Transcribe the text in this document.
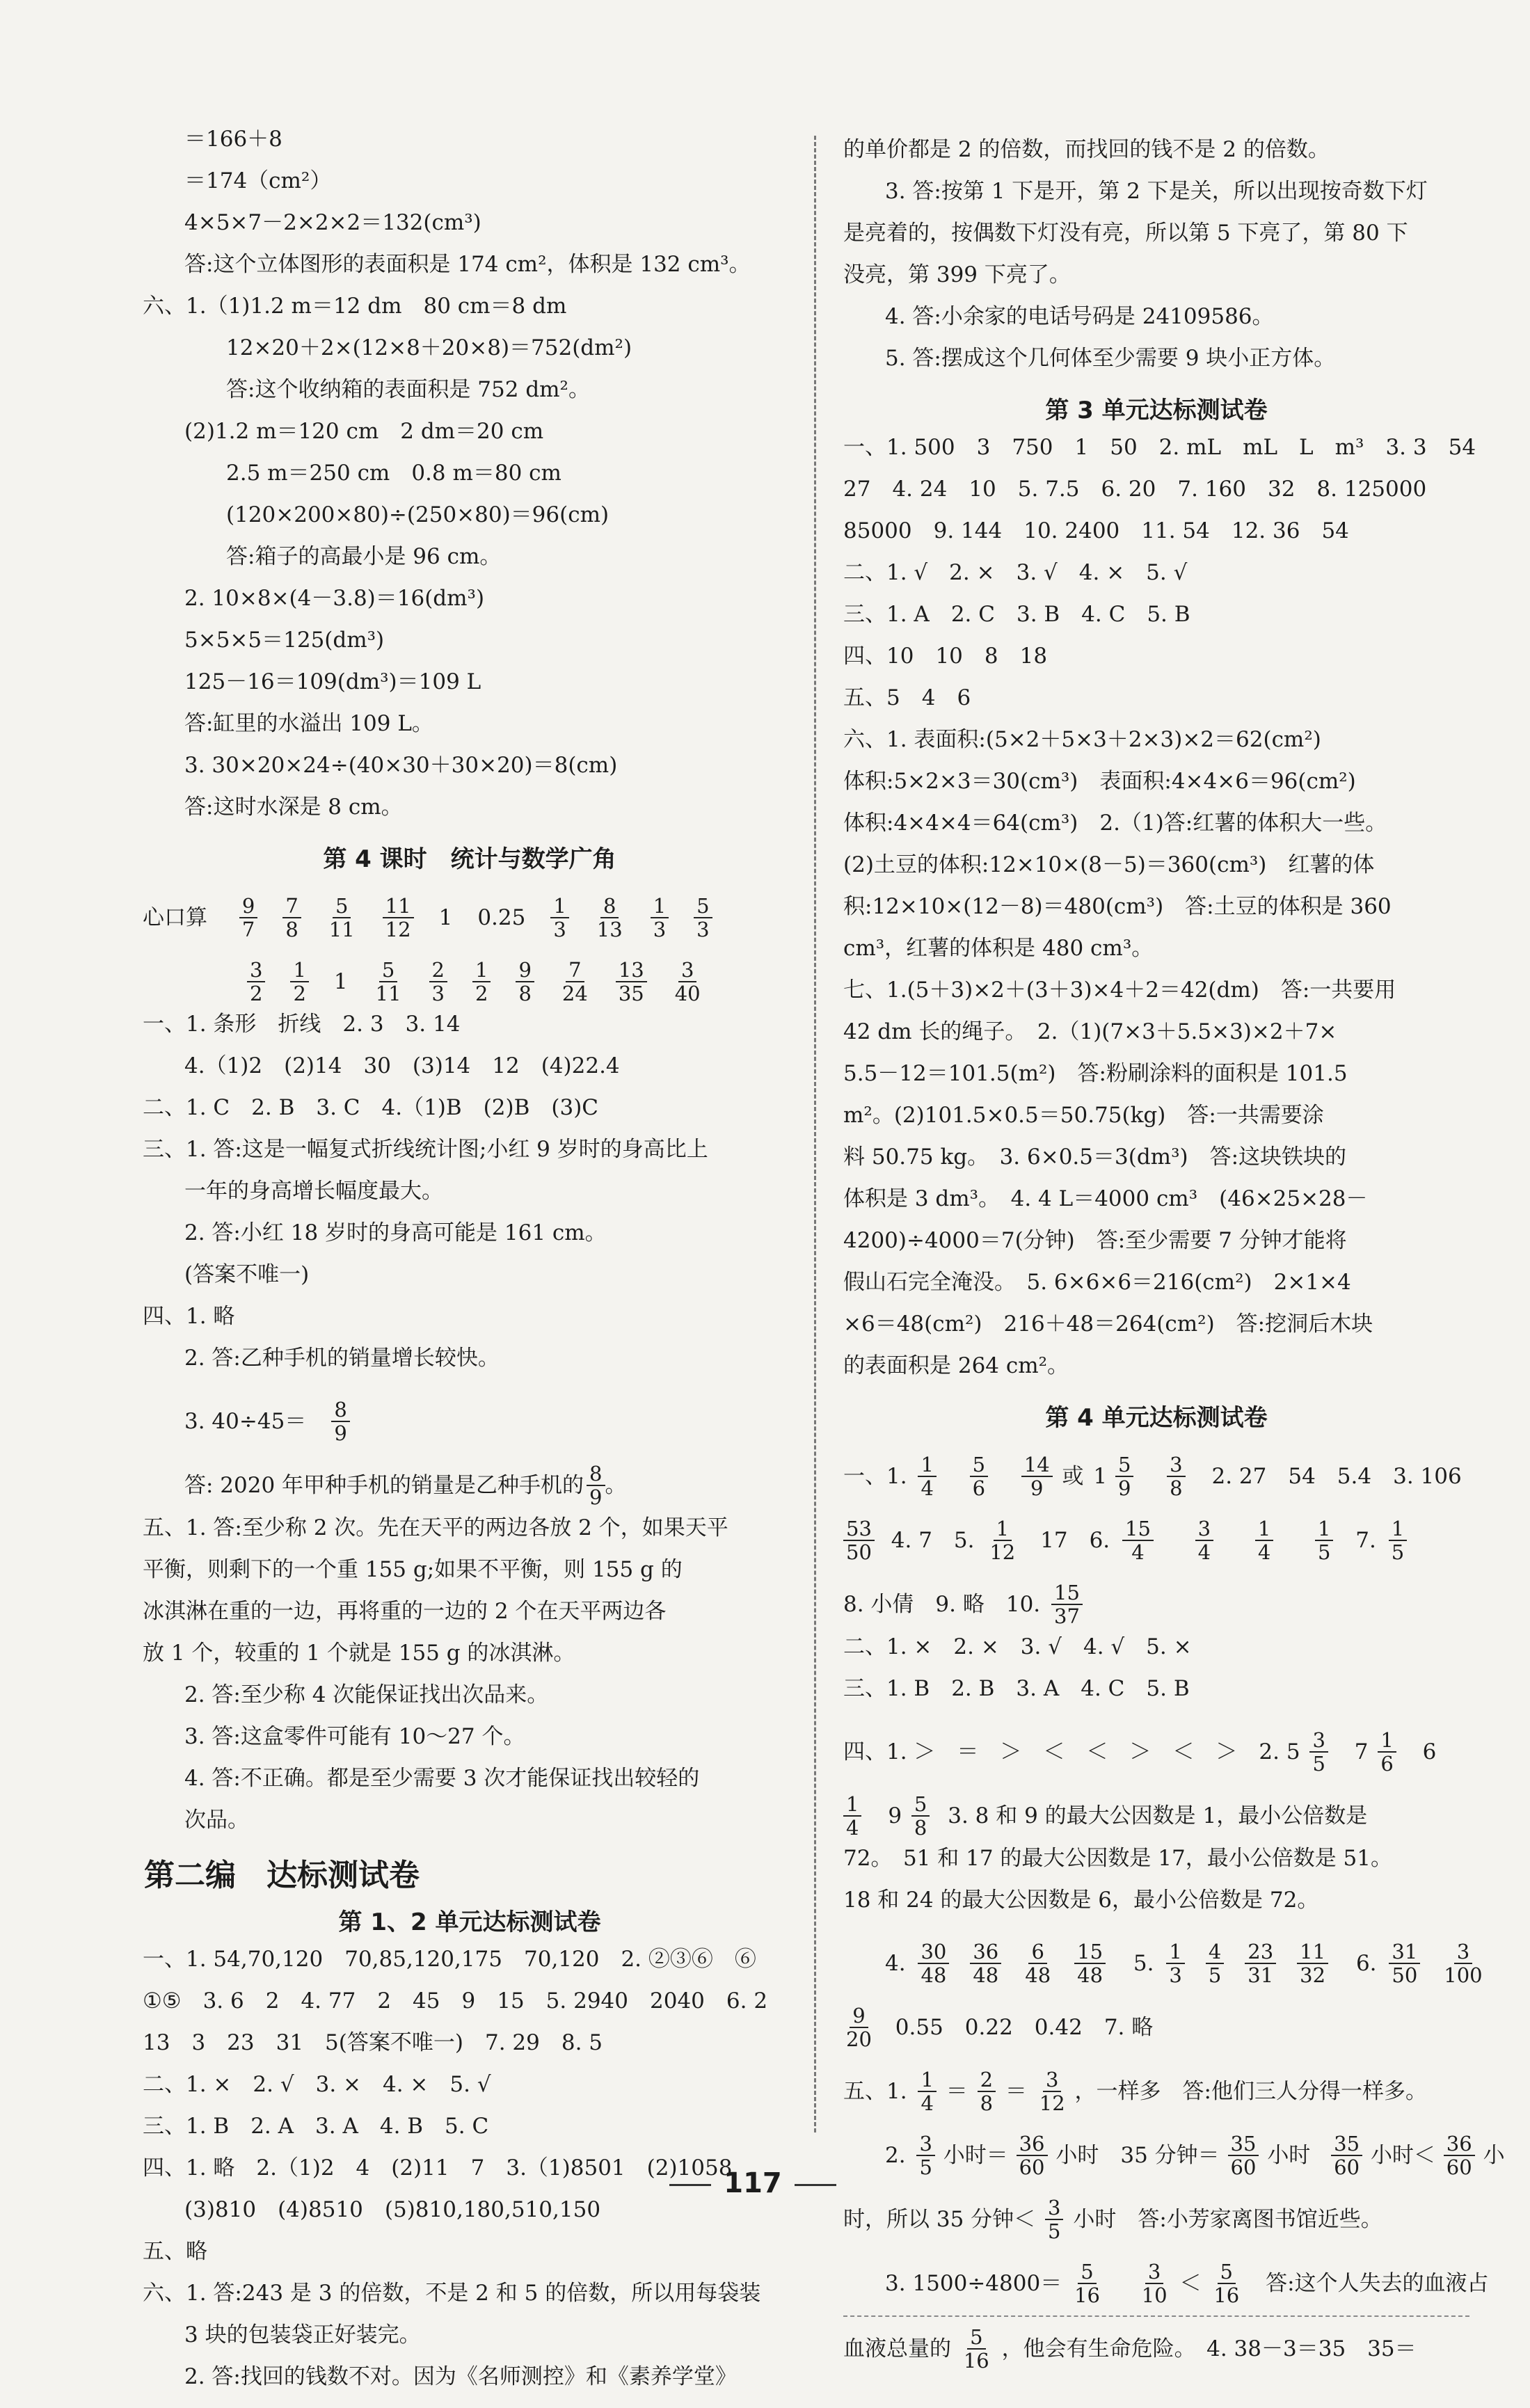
＝166＋8
＝174（cm²）
4×5×7－2×2×2＝132(cm³)
答:这个立体图形的表面积是 174 cm²，体积是 132 cm³。
六、1.（1)1.2 m＝12 dm　80 cm＝8 dm
12×20＋2×(12×8＋20×8)＝752(dm²)
答:这个收纳箱的表面积是 752 dm²。
(2)1.2 m＝120 cm　2 dm＝20 cm
2.5 m＝250 cm　0.8 m＝80 cm
(120×200×80)÷(250×80)＝96(cm)
答:箱子的高最小是 96 cm。
2. 10×8×(4－3.8)＝16(dm³)
5×5×5＝125(dm³)
125－16＝109(dm³)＝109 L
答:缸里的水溢出 109 L。
3. 30×20×24÷(40×30＋30×20)＝8(cm)
答:这时水深是 8 cm。
第 4 课时　统计与数学广角
心口算 $\frac{9}{7} \frac{7}{8} \frac{5}{11} \frac{11}{12} 1$ $0.25 \frac{1}{3} \frac{8}{13} \frac{1}{3} \frac{5}{3}$
$\frac{3}{2} \frac{1}{2} 1 \frac{5}{11} \frac{2}{3} \frac{1}{2} \frac{9}{8} \frac{7}{24} \frac{13}{35} \frac{3}{40}$
一、1. 条形　折线　2. 3　3. 14
4.（1)2　(2)14　30　(3)14　12　(4)22.4
二、1. C　2. B　3. C　4.（1)B　(2)B　(3)C
三、1. 答:这是一幅复式折线统计图;小红 9 岁时的身高比上
一年的身高增长幅度最大。
2. 答:小红 18 岁时的身高可能是 161 cm。
(答案不唯一)
四、1. 略
2. 答:乙种手机的销量增长较快。
3. $40\div 45= \frac{8}{9}$
答: 2020 年甲种手机的销量是乙种手机的 $\frac{8}{9}$ 。
五、1. 答:至少称 2 次。先在天平的两边各放 2 个，如果天平
平衡，则剩下的一个重 155 g;如果不平衡，则 155 g 的
冰淇淋在重的一边，再将重的一边的 2 个在天平两边各
放 1 个，较重的 1 个就是 155 g 的冰淇淋。
2. 答:至少称 4 次能保证找出次品来。
3. 答:这盒零件可能有 10～27 个。
4. 答:不正确。都是至少需要 3 次才能保证找出较轻的
次品。
第二编　达标测试卷
第 1、2 单元达标测试卷
一、1. 54,70,120　70,85,120,175　70,120　2. ②③⑥　⑥
①⑤　3. 6　2　4. 77　2　45　9　15　5. 2940　2040　6. 2
13　3　23　31　5(答案不唯一)　7. 29　8. 5
二、1. ×　2. √　3. ×　4. ×　5. √
三、1. B　2. A　3. A　4. B　5. C
四、1. 略　2.（1)2　4　(2)11　7　3.（1)8501　(2)1058
(3)810　(4)8510　(5)810,180,510,150
五、略
六、1. 答:243 是 3 的倍数，不是 2 和 5 的倍数，所以用每袋装
3 块的包装袋正好装完。
2. 答:找回的钱数不对。因为《名师测控》和《素养学堂》
的单价都是 2 的倍数，而找回的钱不是 2 的倍数。
3. 答:按第 1 下是开，第 2 下是关，所以出现按奇数下灯
是亮着的，按偶数下灯没有亮，所以第 5 下亮了，第 80 下
没亮，第 399 下亮了。
4. 答:小余家的电话号码是 24109586。
5. 答:摆成这个几何体至少需要 9 块小正方体。
第 3 单元达标测试卷
一、1. 500　3　750　1　50　2. mL　mL　L　m³　3. 3　54
27　4. 24　10　5. 7.5　6. 20　7. 160　32　8. 125000
85000　9. 144　10. 2400　11. 54　12. 36　54
二、1. √　2. ×　3. √　4. ×　5. √
三、1. A　2. C　3. B　4. C　5. B
四、10　10　8　18
五、5　4　6
六、1. 表面积:(5×2＋5×3＋2×3)×2＝62(cm²)
体积:5×2×3＝30(cm³)　表面积:4×4×6＝96(cm²)
体积:4×4×4＝64(cm³)　2.（1)答:红薯的体积大一些。
(2)土豆的体积:12×10×(8－5)＝360(cm³)　红薯的体
积:12×10×(12－8)＝480(cm³)　答:土豆的体积是 360
cm³，红薯的体积是 480 cm³。
七、1.(5＋3)×2＋(3＋3)×4＋2＝42(dm)　答:一共要用
42 dm 长的绳子。　2.（1)(7×3＋5.5×3)×2＋7×
5.5－12＝101.5(m²)　答:粉刷涂料的面积是 101.5
m²。(2)101.5×0.5＝50.75(kg)　答:一共需要涂
料 50.75 kg。　3. 6×0.5＝3(dm³)　答:这块铁块的
体积是 3 dm³。　4. 4 L＝4000 cm³　(46×25×28－
4200)÷4000＝7(分钟)　答:至少需要 7 分钟才能将
假山石完全淹没。　5. 6×6×6＝216(cm²)　2×1×4
×6＝48(cm²)　216＋48＝264(cm²)　答:挖洞后木块
的表面积是 264 cm²。
第 4 单元达标测试卷
一、1. $\frac{1}{4}$
$\frac{5}{6}$
$\frac{14}{9}$ 或 $1 \frac{5}{9}$
$\frac{3}{8} 2$. 27　54　5.4　3. 106
$\frac{53}{50} 4$. 7　5. $\frac{1}{12} 17$　6. $\frac{15}{4}$
$\frac{3}{4}$
$\frac{1}{4}$
$\frac{1}{5} 7$. $\frac{1}{5}$
8. 小倩　9. 略　10. $\frac{15}{37}$
二、1. ×　2. ×　3. √　4. √　5. ×
三、1. B　2. B　3. A　4. C　5. B
四、1. ＞　＝　＞　＜　＜　＞　＜　＞　2. $5 \frac{3}{5} 7 \frac{1}{6} 6$
$\frac{1}{4} 9 \frac{5}{8} 3$. 8 和 9 的最大公因数是 1，最小公倍数是
72。　51 和 17 的最大公因数是 17，最小公倍数是 51。
18 和 24 的最大公因数是 6，最小公倍数是 72。
4. $\frac{30}{48} \frac{36}{48} \frac{6}{48} \frac{15}{48} 5$. $\frac{1}{3} \frac{4}{5} \frac{23}{31} \frac{11}{32} 6$. $\frac{31}{50} \frac{3}{100}$
$\frac{9}{20} 0.55$　0.22　0.42　7. 略
五、1. $\frac{1}{4} = \frac{2}{8} = \frac{3}{12}$ ，一样多　答:他们三人分得一样多。
2. $\frac{3}{5}$ 小时＝ $\frac{36}{60}$ 小时　35 分钟＝ $\frac{35}{60}$ 小时 $\frac{35}{60}$ 小时＜ $\frac{36}{60}$ 小
时，所以 35 分钟＜ $\frac{3}{5}$ 小时　答:小芳家离图书馆近些。
3. $1500\div 4800= \frac{5}{16}$
$\frac{3}{10} < \frac{5}{16}$ 答:这个人失去的血液占
血液总量的 $\frac{5}{16}$ ，他会有生命危险。　4. 38－3＝35　35＝
117
